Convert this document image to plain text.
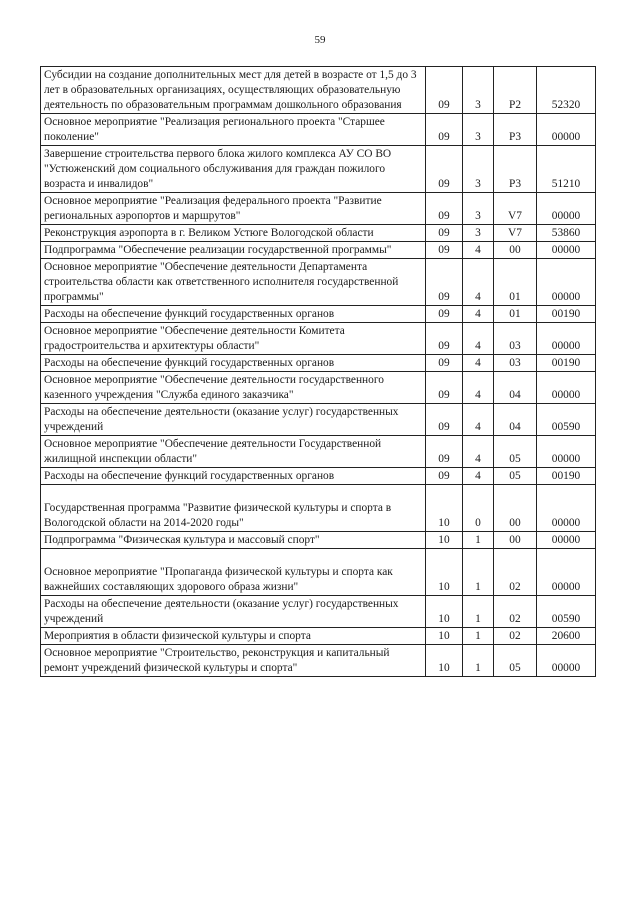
59
Субсидии на создание дополнительных мест для детей в возрасте от 1,5 до 3 лет в образовательных организациях, осуществляющих образовательную деятельность по образовательным программам дошкольного образования	09	3	P2	52320
Основное мероприятие "Реализация регионального проекта "Старшее поколение"	09	3	P3	00000
Завершение строительства первого блока жилого комплекса АУ СО ВО "Устюженский дом социального обслуживания для граждан пожилого возраста и инвалидов"	09	3	P3	51210
Основное мероприятие "Реализация федерального проекта "Развитие региональных аэропортов и маршрутов"	09	3	V7	00000
Реконструкция аэропорта в г. Великом Устюге Вологодской области	09	3	V7	53860
Подпрограмма "Обеспечение реализации государственной программы"	09	4	00	00000
Основное мероприятие "Обеспечение деятельности Департамента строительства области как ответственного исполнителя государственной программы"	09	4	01	00000
Расходы на обеспечение функций государственных органов	09	4	01	00190
Основное мероприятие "Обеспечение деятельности Комитета градостроительства и архитектуры области"	09	4	03	00000
Расходы на обеспечение функций государственных органов	09	4	03	00190
Основное мероприятие "Обеспечение деятельности государственного казенного учреждения "Служба единого заказчика"	09	4	04	00000
Расходы на обеспечение деятельности (оказание услуг) государственных учреждений	09	4	04	00590
Основное мероприятие "Обеспечение деятельности Государственной жилищной инспекции области"	09	4	05	00000
Расходы на обеспечение функций государственных органов	09	4	05	00190
Государственная программа "Развитие физической культуры и спорта в Вологодской области на 2014-2020 годы"	10	0	00	00000
Подпрограмма "Физическая культура и массовый спорт"	10	1	00	00000
Основное мероприятие "Пропаганда физической культуры и спорта как важнейших составляющих здорового образа жизни"	10	1	02	00000
Расходы на обеспечение деятельности (оказание услуг) государственных учреждений	10	1	02	00590
Мероприятия в области физической культуры и спорта	10	1	02	20600
Основное мероприятие "Строительство, реконструкция и капитальный ремонт учреждений физической культуры и спорта"	10	1	05	00000
